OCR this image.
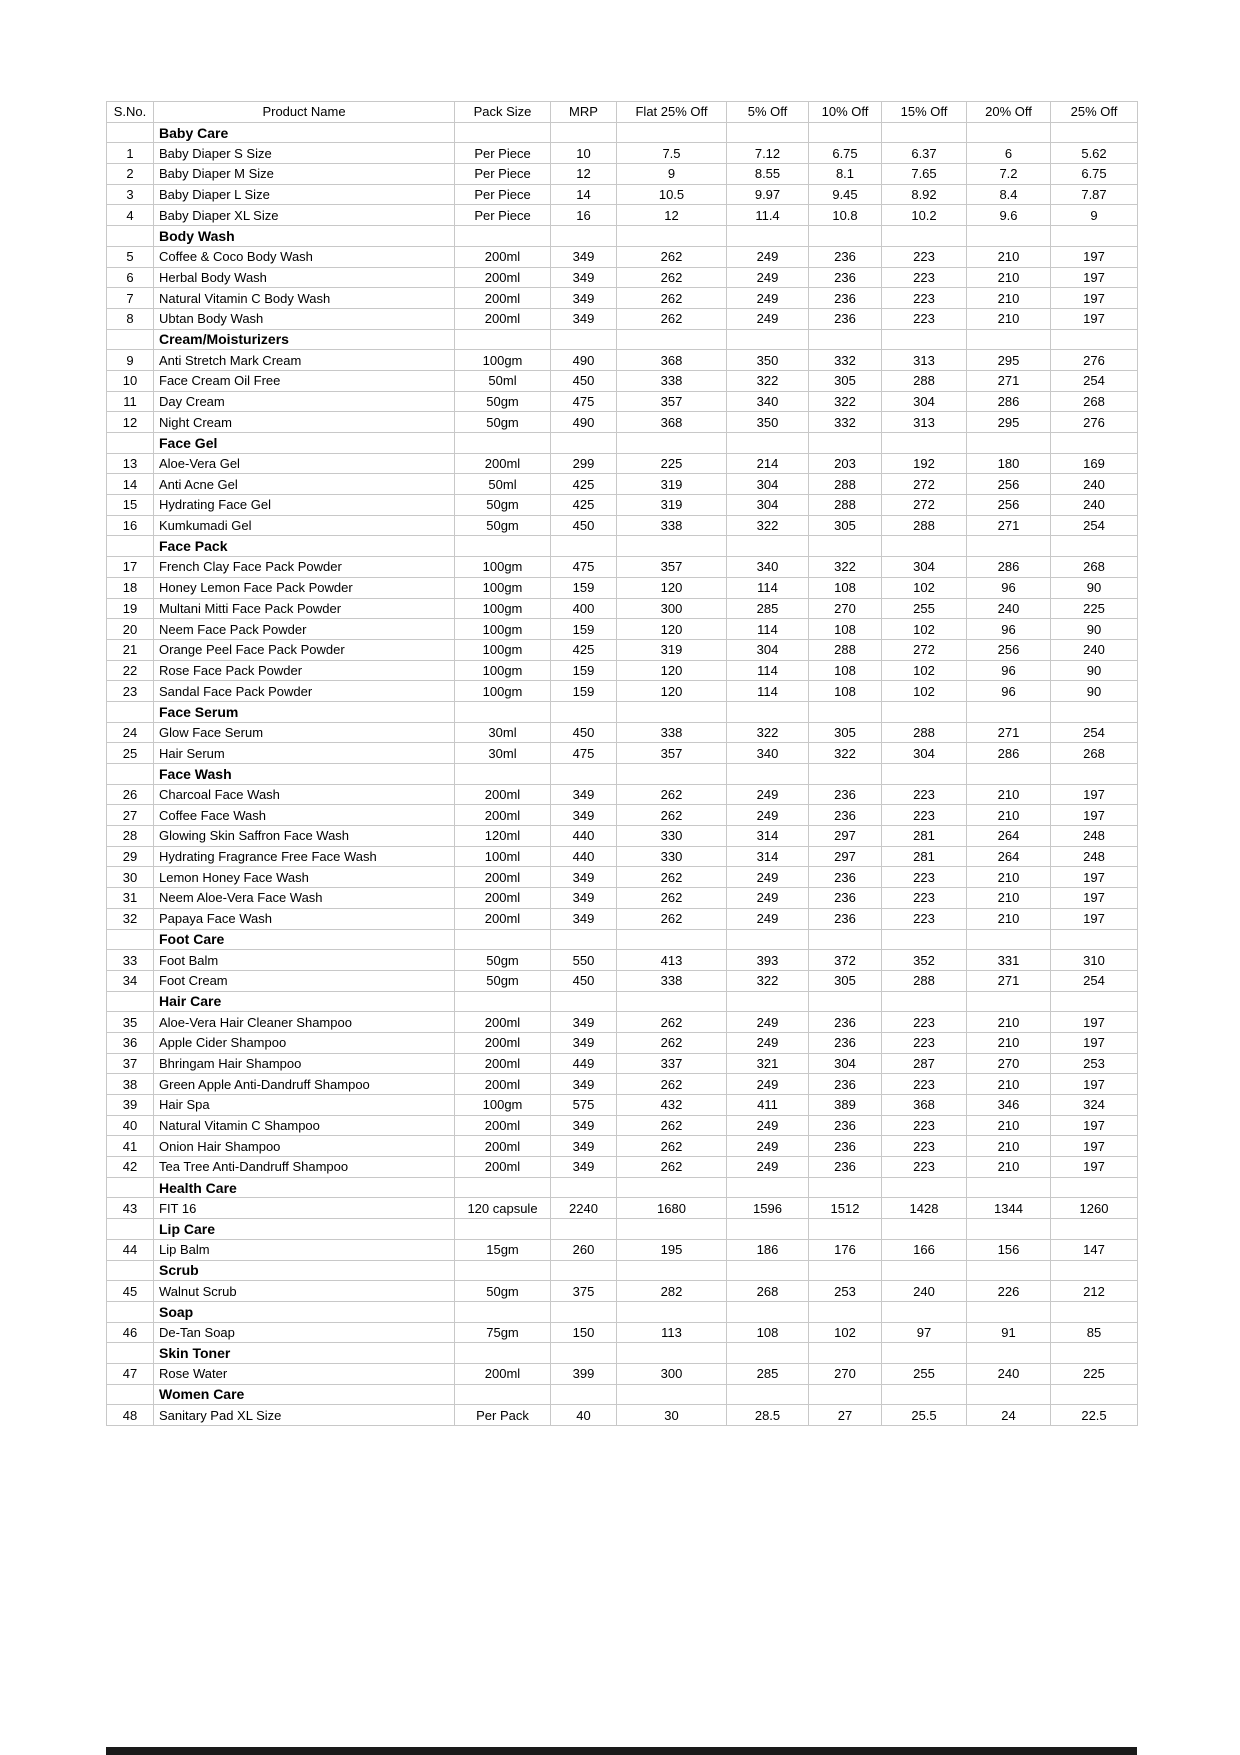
S.No.	Product Name	Pack Size	MRP	Flat 25% Off	5% Off	10% Off	15% Off	20% Off	25% Off
	Baby Care								
1	Baby Diaper S Size	Per Piece	10	7.5	7.12	6.75	6.37	6	5.62
2	Baby Diaper M Size	Per Piece	12	9	8.55	8.1	7.65	7.2	6.75
3	Baby Diaper L Size	Per Piece	14	10.5	9.97	9.45	8.92	8.4	7.87
4	Baby Diaper XL Size	Per Piece	16	12	11.4	10.8	10.2	9.6	9
	Body Wash								
5	Coffee & Coco Body Wash	200ml	349	262	249	236	223	210	197
6	Herbal Body Wash	200ml	349	262	249	236	223	210	197
7	Natural Vitamin C Body Wash	200ml	349	262	249	236	223	210	197
8	Ubtan Body Wash	200ml	349	262	249	236	223	210	197
	Cream/Moisturizers								
9	Anti Stretch Mark Cream	100gm	490	368	350	332	313	295	276
10	Face Cream Oil Free	50ml	450	338	322	305	288	271	254
11	Day Cream	50gm	475	357	340	322	304	286	268
12	Night Cream	50gm	490	368	350	332	313	295	276
	Face Gel								
13	Aloe-Vera Gel	200ml	299	225	214	203	192	180	169
14	Anti Acne Gel	50ml	425	319	304	288	272	256	240
15	Hydrating Face Gel	50gm	425	319	304	288	272	256	240
16	Kumkumadi Gel	50gm	450	338	322	305	288	271	254
	Face Pack								
17	French Clay Face Pack Powder	100gm	475	357	340	322	304	286	268
18	Honey Lemon Face Pack Powder	100gm	159	120	114	108	102	96	90
19	Multani Mitti Face Pack Powder	100gm	400	300	285	270	255	240	225
20	Neem Face Pack Powder	100gm	159	120	114	108	102	96	90
21	Orange Peel Face Pack Powder	100gm	425	319	304	288	272	256	240
22	Rose Face Pack Powder	100gm	159	120	114	108	102	96	90
23	Sandal Face Pack Powder	100gm	159	120	114	108	102	96	90
	Face Serum								
24	Glow Face Serum	30ml	450	338	322	305	288	271	254
25	Hair Serum	30ml	475	357	340	322	304	286	268
	Face Wash								
26	Charcoal Face Wash	200ml	349	262	249	236	223	210	197
27	Coffee Face Wash	200ml	349	262	249	236	223	210	197
28	Glowing Skin Saffron Face Wash	120ml	440	330	314	297	281	264	248
29	Hydrating Fragrance Free Face Wash	100ml	440	330	314	297	281	264	248
30	Lemon Honey Face Wash	200ml	349	262	249	236	223	210	197
31	Neem Aloe-Vera Face Wash	200ml	349	262	249	236	223	210	197
32	Papaya Face Wash	200ml	349	262	249	236	223	210	197
	Foot Care								
33	Foot Balm	50gm	550	413	393	372	352	331	310
34	Foot Cream	50gm	450	338	322	305	288	271	254
	Hair Care								
35	Aloe-Vera Hair Cleaner Shampoo	200ml	349	262	249	236	223	210	197
36	Apple Cider Shampoo	200ml	349	262	249	236	223	210	197
37	Bhringam Hair Shampoo	200ml	449	337	321	304	287	270	253
38	Green Apple Anti-Dandruff Shampoo	200ml	349	262	249	236	223	210	197
39	Hair Spa	100gm	575	432	411	389	368	346	324
40	Natural Vitamin C Shampoo	200ml	349	262	249	236	223	210	197
41	Onion Hair Shampoo	200ml	349	262	249	236	223	210	197
42	Tea Tree Anti-Dandruff Shampoo	200ml	349	262	249	236	223	210	197
	Health Care								
43	FIT 16	120 capsule	2240	1680	1596	1512	1428	1344	1260
	Lip Care								
44	Lip Balm	15gm	260	195	186	176	166	156	147
	Scrub								
45	Walnut Scrub	50gm	375	282	268	253	240	226	212
	Soap								
46	De-Tan Soap	75gm	150	113	108	102	97	91	85
	Skin Toner								
47	Rose Water	200ml	399	300	285	270	255	240	225
	Women Care								
48	Sanitary Pad XL Size	Per Pack	40	30	28.5	27	25.5	24	22.5
